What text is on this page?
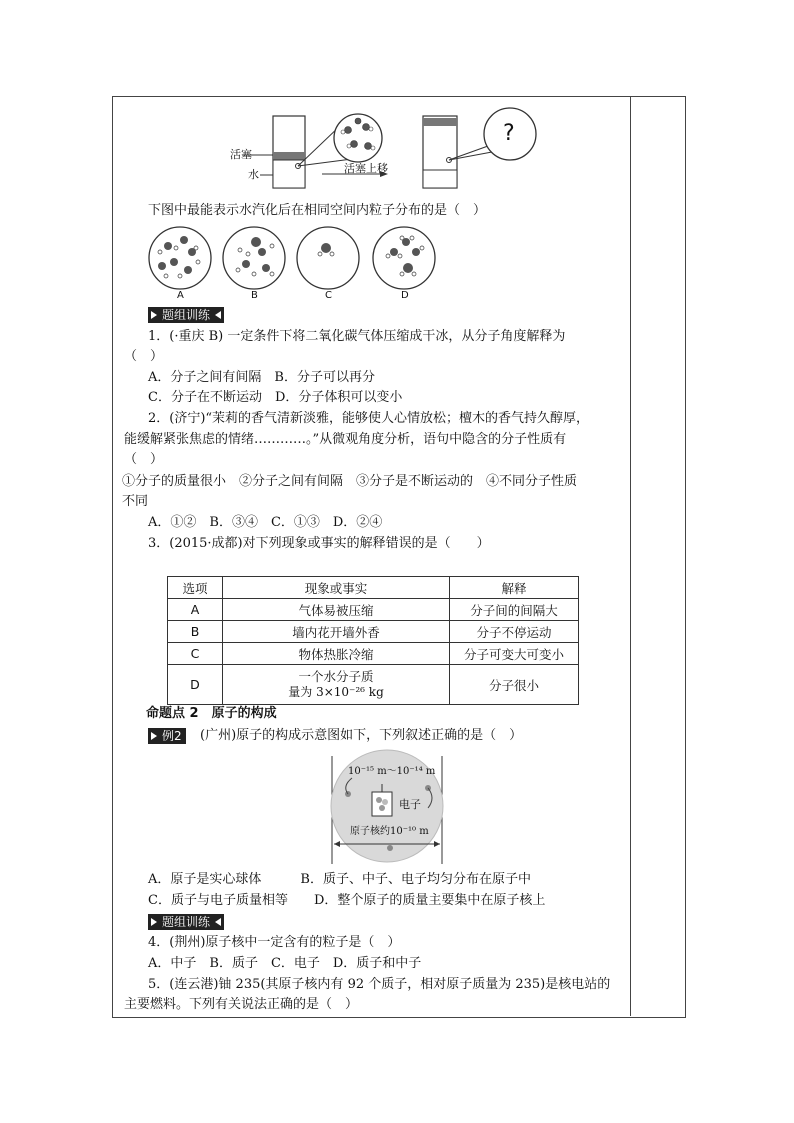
活塞
水	活塞上移
?
下图中最能表示水汽化后在相同空间内粒子分布的是（　）
A	B	C	D
题组训练
1．(·重庆 B) 一定条件下将二氧化碳气体压缩成干冰，从分子角度解释为
（　）
A．分子之间有间隔　B．分子可以再分
C．分子在不断运动　D．分子体积可以变小
2．(济宁)“茉莉的香气清新淡雅，能够使人心情放松；檀木的香气持久醇厚，
能缓解紧张焦虑的情绪…………。”从微观角度分析，语句中隐含的分子性质有
（　）
①分子的质量很小　②分子之间有间隔　③分子是不断运动的　④不同分子性质
不同
A．①②　B．③④　C．①③　D．②④
3．(2015·成都)对下列现象或事实的解释错误的是（　　）
选项	现象或事实	解释
A	气体易被压缩	分子间的间隔大
B	墙内花开墙外香	分子不停运动
C	物体热胀冷缩	分子可变大可变小
D	一个水分子质
量为 3×10⁻²⁶ kg	分子很小
命题点 2　原子的构成
例2	(广州)原子的构成示意图如下，下列叙述正确的是（　）
10⁻¹⁵ m～10⁻¹⁴ m
电子
原子核约10⁻¹⁰ m
A．原子是实心球体　　　B．质子、中子、电子均匀分布在原子中
C．质子与电子质量相等　　D．整个原子的质量主要集中在原子核上
题组训练
4．(荆州)原子核中一定含有的粒子是（　）
A．中子　B．质子　C．电子　D．质子和中子
5．(连云港)铀 235(其原子核内有 92 个质子，相对原子质量为 235)是核电站的
主要燃料。下列有关说法正确的是（　）
